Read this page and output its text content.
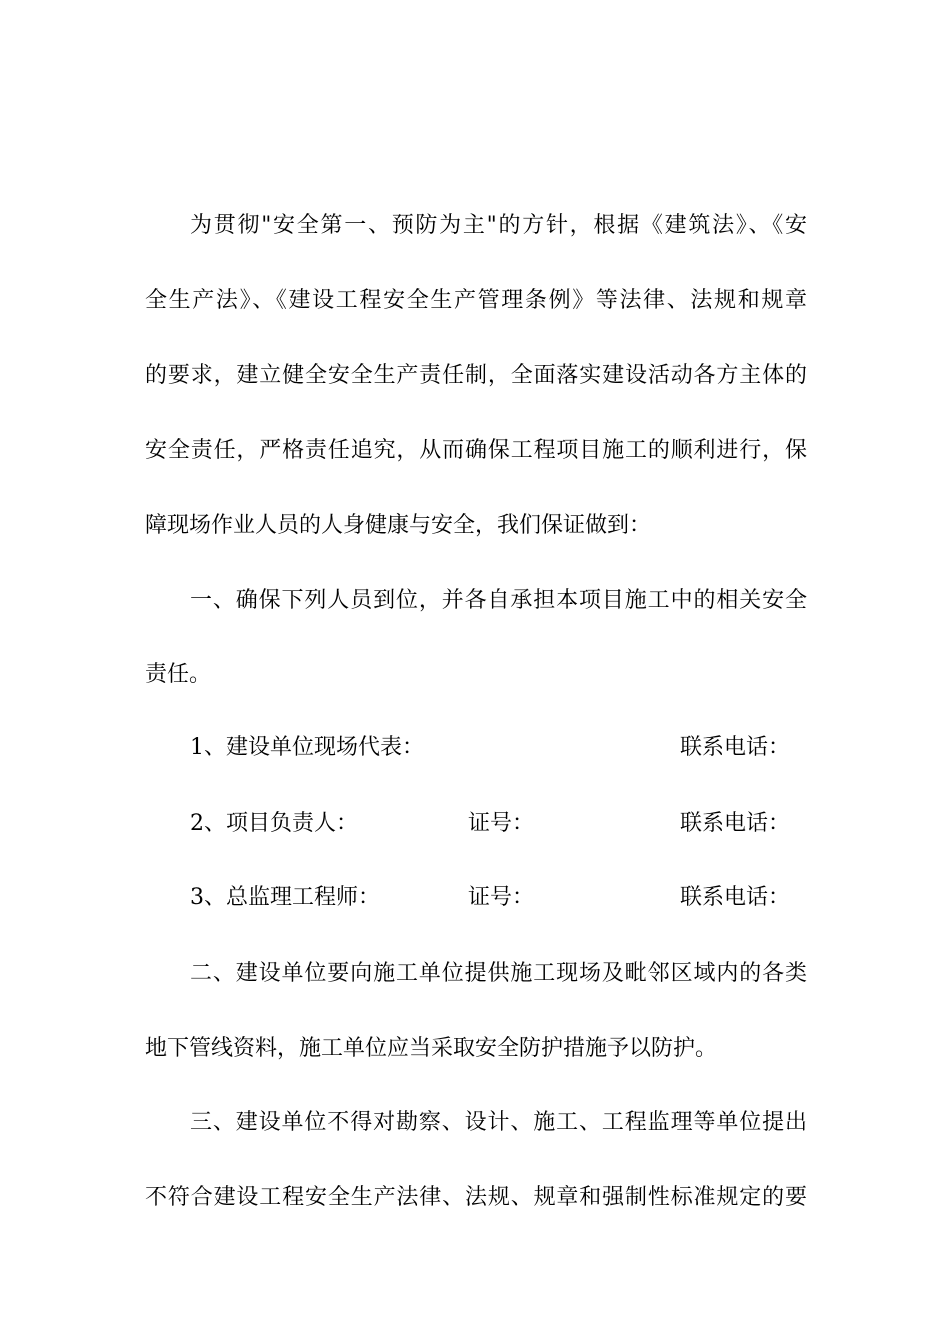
为贯彻"安全第一、预防为主"的方针，根据《建筑法》、《安
全生产法》、《建设工程安全生产管理条例》等法律、法规和规章
的要求，建立健全安全生产责任制，全面落实建设活动各方主体的
安全责任，严格责任追究，从而确保工程项目施工的顺利进行，保
障现场作业人员的人身健康与安全，我们保证做到：
一、确保下列人员到位，并各自承担本项目施工中的相关安全
责任。
1、建设单位现场代表：	联系电话：
2、项目负责人：	证号：	联系电话：
3、总监理工程师：	证号：	联系电话：
二、建设单位要向施工单位提供施工现场及毗邻区域内的各类
地下管线资料，施工单位应当采取安全防护措施予以防护。
三、建设单位不得对勘察、设计、施工、工程监理等单位提出
不符合建设工程安全生产法律、法规、规章和强制性标准规定的要
